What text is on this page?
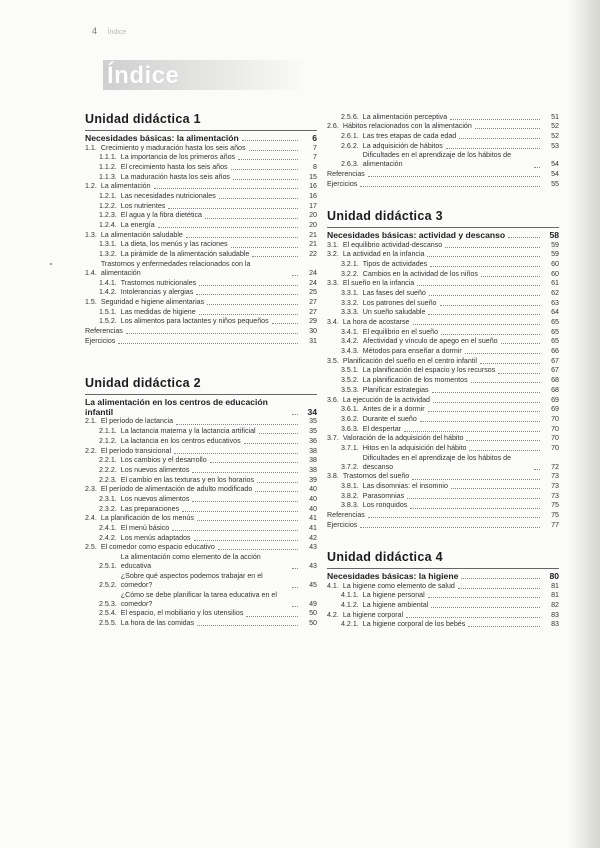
4 Índice
Índice
Unidad didáctica 1
Necesidades básicas: la alimentación	6
1.1. Crecimiento y maduración hasta los seis años	7
1.1.1. La importancia de los primeros años	7
1.1.2. El crecimiento hasta los seis años	8
1.1.3. La maduración hasta los seis años	15
1.2. La alimentación	16
1.2.1. Las necesidades nutricionales	16
1.2.2. Los nutrientes	17
1.2.3. El agua y la fibra dietética	20
1.2.4. La energía	20
1.3. La alimentación saludable	21
1.3.1. La dieta, los menús y las raciones	21
1.3.2. La pirámide de la alimentación saludable	22
1.4.
Trastornos y enfermedades relacionados con la alimentación	24
1.4.1. Trastornos nutricionales	24
1.4.2. Intolerancias y alergias	25
1.5. Seguridad e higiene alimentarias	27
1.5.1. Las medidas de higiene	27
1.5.2. Los alimentos para lactantes y niños pequeños	29
Referencias	30
Ejercicios	31
Unidad didáctica 2
La alimentación en los centros de educación infantil	34
2.1. El período de lactancia	35
2.1.1. La lactancia materna y la lactancia artificial	35
2.1.2. La lactancia en los centros educativos	36
2.2. El período transicional	38
2.2.1. Los cambios y el desarrollo	38
2.2.2. Los nuevos alimentos	38
2.2.3. El cambio en las texturas y en los horarios	39
2.3. El período de alimentación de adulto modificado	40
2.3.1. Los nuevos alimentos	40
2.3.2. Las preparaciones	40
2.4. La planificación de los menús	41
2.4.1. El menú básico	41
2.4.2. Los menús adaptados	42
2.5. El comedor como espacio educativo	43
2.5.1.
La alimentación como elemento de la acción educativa	43
2.5.2.
¿Sobre qué aspectos podemos trabajar en el comedor?	45
2.5.3.
¿Cómo se debe planificar la tarea educativa en el comedor?	49
2.5.4. El espacio, el mobiliario y los utensilios	50
2.5.5. La hora de las comidas	50
2.5.6. La alimentación perceptiva	51
2.6. Hábitos relacionados con la alimentación	52
2.6.1. Las tres etapas de cada edad	52
2.6.2. La adquisición de hábitos	53
2.6.3.
Dificultades en el aprendizaje de los hábitos de alimentación	54
Referencias	54
Ejercicios	55
Unidad didáctica 3
Necesidades básicas: actividad y descanso	58
3.1. El equilibrio actividad-descanso	59
3.2. La actividad en la infancia	59
3.2.1. Tipos de actividades	60
3.2.2. Cambios en la actividad de los niños	60
3.3. El sueño en la infancia	61
3.3.1. Las fases del sueño	62
3.3.2. Los patrones del sueño	63
3.3.3. Un sueño saludable	64
3.4. La hora de acostarse	65
3.4.1. El equilibrio en el sueño	65
3.4.2. Afectividad y vínculo de apego en el sueño	65
3.4.3. Métodos para enseñar a dormir	66
3.5. Planificación del sueño en el centro infantil	67
3.5.1. La planificación del espacio y los recursos	67
3.5.2. La planificación de los momentos	68
3.5.3. Planificar estrategias	68
3.6. La ejecución de la actividad	69
3.6.1. Antes de ir a dormir	69
3.6.2. Durante el sueño	70
3.6.3. El despertar	70
3.7. Valoración de la adquisición del hábito	70
3.7.1. Hitos en la adquisición del hábito	70
3.7.2.
Dificultades en el aprendizaje de los hábitos de descanso	72
3.8. Trastornos del sueño	73
3.8.1. Las disomnias: el insomnio	73
3.8.2. Parasomnias	73
3.8.3. Los ronquidos	75
Referencias	75
Ejercicios	77
Unidad didáctica 4
Necesidades básicas: la higiene	80
4.1. La higiene como elemento de salud	81
4.1.1. La higiene personal	81
4.1.2. La higiene ambiental	82
4.2. La higiene corporal	83
4.2.1. La higiene corporal de los bebés	83
